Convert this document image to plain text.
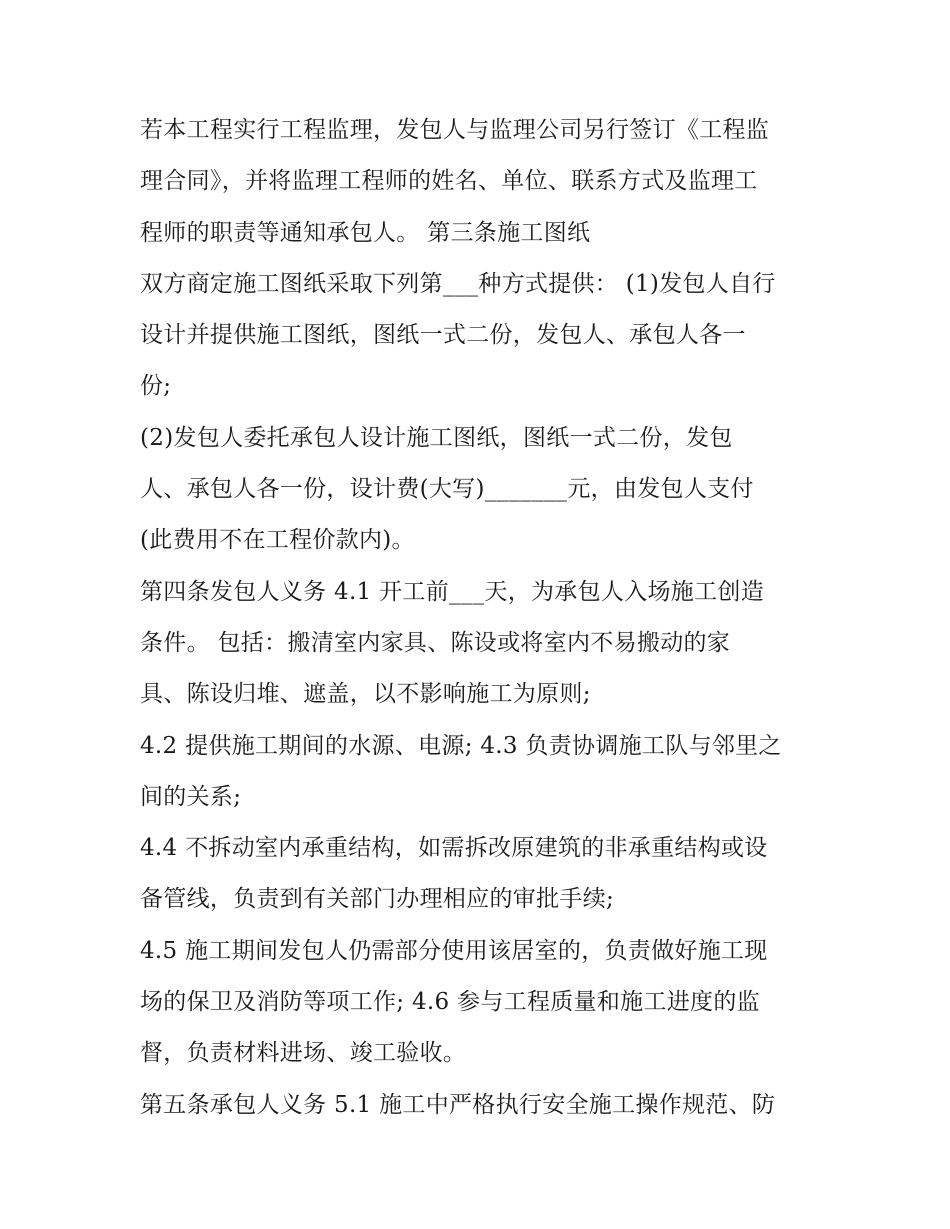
若本工程实行工程监理，发包人与监理公司另行签订《工程监
理合同》，并将监理工程师的姓名、单位、联系方式及监理工
程师的职责等通知承包人。 第三条施工图纸
双方商定施工图纸采取下列第___种方式提供： (1)发包人自行
设计并提供施工图纸，图纸一式二份，发包人、承包人各一
份;
(2)发包人委托承包人设计施工图纸，图纸一式二份，发包
人、承包人各一份，设计费(大写)_______元，由发包人支付
(此费用不在工程价款内)。
第四条发包人义务 4.1 开工前___天，为承包人入场施工创造
条件。 包括：搬清室内家具、陈设或将室内不易搬动的家
具、陈设归堆、遮盖，以不影响施工为原则;
4.2 提供施工期间的水源、电源; 4.3 负责协调施工队与邻里之
间的关系;
4.4 不拆动室内承重结构，如需拆改原建筑的非承重结构或设
备管线，负责到有关部门办理相应的审批手续;
4.5 施工期间发包人仍需部分使用该居室的，负责做好施工现
场的保卫及消防等项工作; 4.6 参与工程质量和施工进度的监
督，负责材料进场、竣工验收。
第五条承包人义务 5.1 施工中严格执行安全施工操作规范、防
